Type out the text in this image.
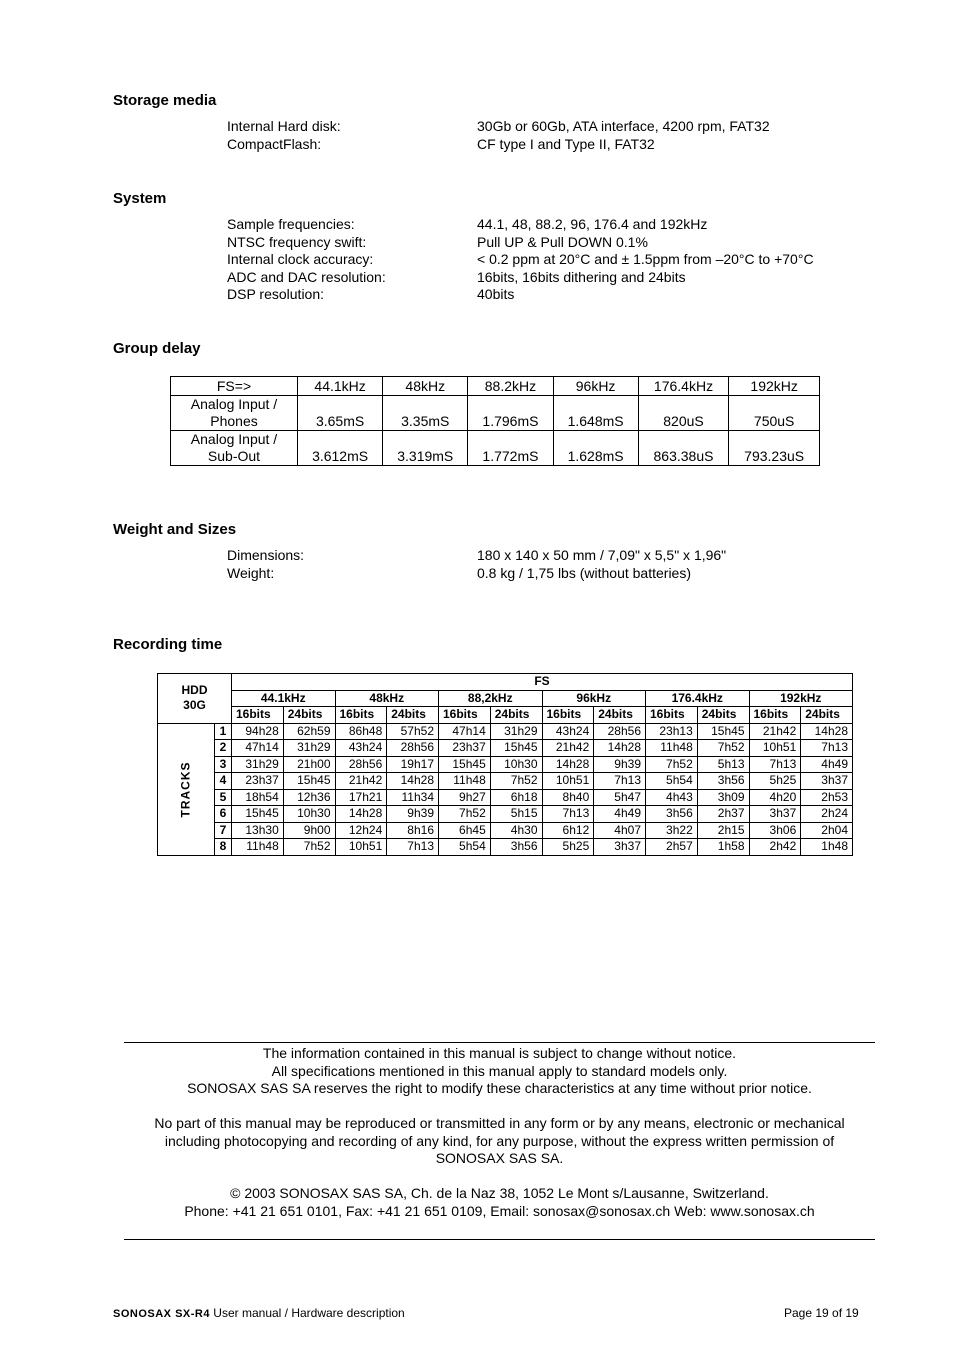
Storage media
Internal Hard disk:	30Gb or 60Gb, ATA interface, 4200 rpm, FAT32
CompactFlash:	CF type I and Type II, FAT32
System
Sample frequencies:	44.1, 48, 88.2, 96, 176.4 and 192kHz
NTSC frequency swift:	Pull UP & Pull DOWN 0.1%
Internal clock accuracy:	< 0.2 ppm at 20°C and ± 1.5ppm from –20°C to +70°C
ADC and DAC resolution:	16bits, 16bits dithering and 24bits
DSP resolution:	40bits
Group delay
FS=>	44.1kHz	48kHz	88.2kHz	96kHz	176.4kHz	192kHz
Analog Input /
Phones	3.65mS	3.35mS	1.796mS	1.648mS	820uS	750uS
Analog Input /
Sub-Out	3.612mS	3.319mS	1.772mS	1.628mS	863.38uS	793.23uS
Weight and Sizes
Dimensions:	180 x 140 x 50 mm / 7,09" x 5,5" x 1,96"
Weight:	0.8 kg / 1,75 lbs (without batteries)
Recording time
HDD
30G		FS											
		44.1kHz		48kHz		88,2kHz		96kHz		176.4kHz		192kHz	
		16bits	24bits	16bits	24bits	16bits	24bits	16bits	24bits	16bits	24bits	16bits	24bits
TRACKS	1	94h28	62h59	86h48	57h52	47h14	31h29	43h24	28h56	23h13	15h45	21h42	14h28
	2	47h14	31h29	43h24	28h56	23h37	15h45	21h42	14h28	11h48	7h52	10h51	7h13
	3	31h29	21h00	28h56	19h17	15h45	10h30	14h28	9h39	7h52	5h13	7h13	4h49
	4	23h37	15h45	21h42	14h28	11h48	7h52	10h51	7h13	5h54	3h56	5h25	3h37
	5	18h54	12h36	17h21	11h34	9h27	6h18	8h40	5h47	4h43	3h09	4h20	2h53
	6	15h45	10h30	14h28	9h39	7h52	5h15	7h13	4h49	3h56	2h37	3h37	2h24
	7	13h30	9h00	12h24	8h16	6h45	4h30	6h12	4h07	3h22	2h15	3h06	2h04
	8	11h48	7h52	10h51	7h13	5h54	3h56	5h25	3h37	2h57	1h58	2h42	1h48

The information contained in this manual is subject to change without notice.

All specifications mentioned in this manual apply to standard models only.

SONOSAX SAS SA reserves the right to modify these characteristics at any time without prior notice.

No part of this manual may be reproduced or transmitted in any form or by any means, electronic or mechanical

including photocopying and recording of any kind, for any purpose, without the express written permission of

SONOSAX SAS SA.

© 2003 SONOSAX SAS SA, Ch. de la Naz 38, 1052 Le Mont s/Lausanne, Switzerland.

Phone: +41 21 651 0101, Fax: +41 21 651 0109, Email: sonosax@sonosax.ch Web: www.sonosax.ch

SONOSAX SX-R4 User manual / Hardware description	Page 19 of 19
